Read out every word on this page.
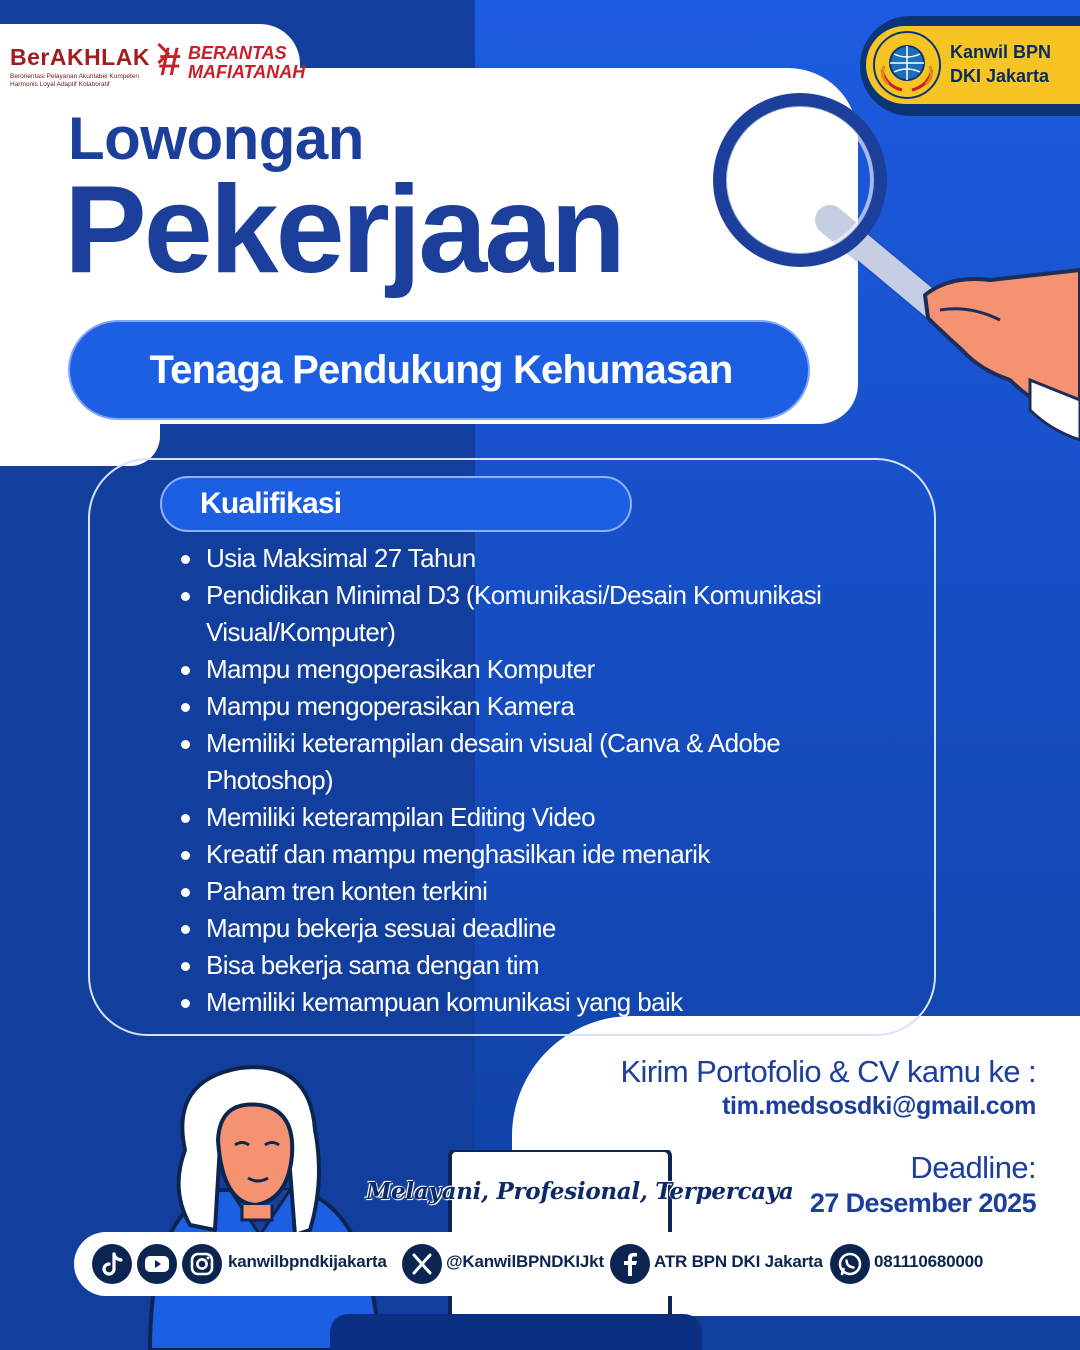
BerAKHLAK
Berorientasi Pelayanan Akuntabel Kompeten Harmonis Loyal Adaptif Kolaboratif
# BERANTAS
MAFIATANAH
Kanwil BPN
DKI Jakarta
Lowongan
Pekerjaan
Tenaga Pendukung Kehumasan
Kualifikasi
Usia Maksimal 27 Tahun
Pendidikan Minimal D3 (Komunikasi/Desain Komunikasi Visual/Komputer)
Mampu mengoperasikan Komputer
Mampu mengoperasikan Kamera
Memiliki keterampilan desain visual (Canva & Adobe Photoshop)
Memiliki keterampilan Editing Video
Kreatif dan mampu menghasilkan ide menarik
Paham tren konten terkini
Mampu bekerja sesuai deadline
Bisa bekerja sama dengan tim
Memiliki kemampuan komunikasi yang baik
Kirim Portofolio & CV kamu ke :
tim.medsosdki@gmail.com
Deadline:
27 Desember 2025
Melayani, Profesional, Terpercaya
kanwilbpndkijakarta	@KanwilBPNDKIJkt	ATR BPN DKI Jakarta	081110680000
